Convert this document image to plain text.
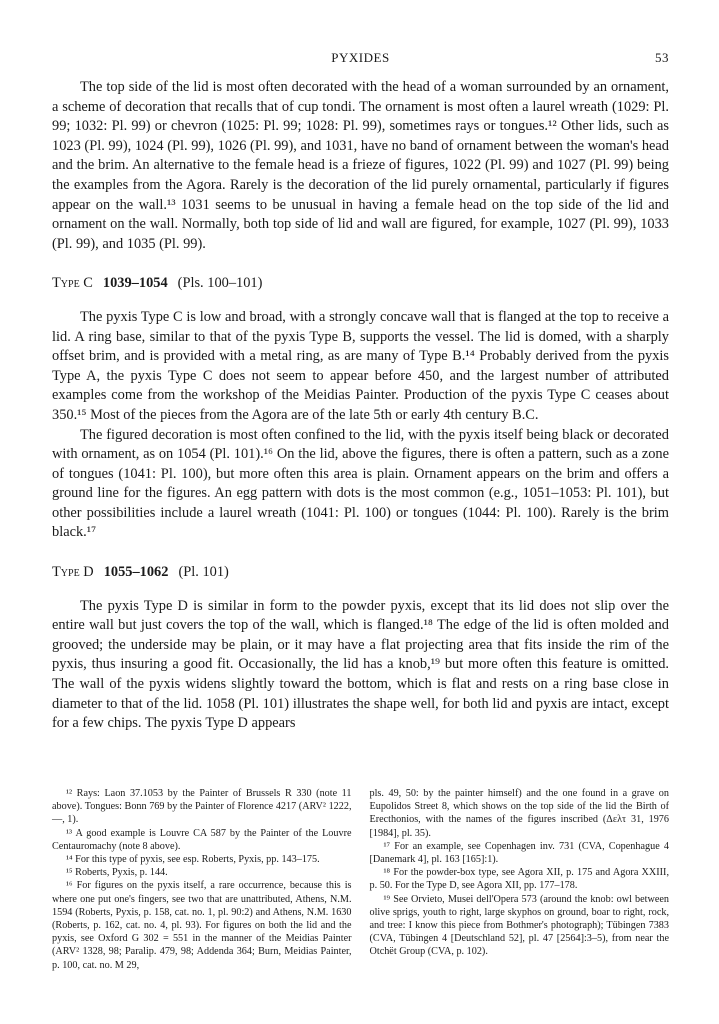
PYXIDES	53

The top side of the lid is most often decorated with the head of a woman surrounded by an ornament, a scheme of decoration that recalls that of cup tondi. The ornament is most often a laurel wreath (1029: Pl. 99; 1032: Pl. 99) or chevron (1025: Pl. 99; 1028: Pl. 99), sometimes rays or tongues.¹² Other lids, such as 1023 (Pl. 99), 1024 (Pl. 99), 1026 (Pl. 99), and 1031, have no band of ornament between the woman's head and the brim. An alternative to the female head is a frieze of figures, 1022 (Pl. 99) and 1027 (Pl. 99) being the examples from the Agora. Rarely is the decoration of the lid purely ornamental, particularly if figures appear on the wall.¹³ 1031 seems to be unusual in having a female head on the top side of the lid and ornament on the wall. Normally, both top side of lid and wall are figured, for example, 1027 (Pl. 99), 1033 (Pl. 99), and 1035 (Pl. 99).

Type C 1039–1054 (Pls. 100–101)

The pyxis Type C is low and broad, with a strongly concave wall that is flanged at the top to receive a lid. A ring base, similar to that of the pyxis Type B, supports the vessel. The lid is domed, with a sharply offset brim, and is provided with a metal ring, as are many of Type B.¹⁴ Probably derived from the pyxis Type A, the pyxis Type C does not seem to appear before 450, and the largest number of attributed examples come from the workshop of the Meidias Painter. Production of the pyxis Type C ceases about 350.¹⁵ Most of the pieces from the Agora are of the late 5th or early 4th century B.C.

The figured decoration is most often confined to the lid, with the pyxis itself being black or decorated with ornament, as on 1054 (Pl. 101).¹⁶ On the lid, above the figures, there is often a pattern, such as a zone of tongues (1041: Pl. 100), but more often this area is plain. Ornament appears on the brim and offers a ground line for the figures. An egg pattern with dots is the most common (e.g., 1051–1053: Pl. 101), but other possibilities include a laurel wreath (1041: Pl. 100) or tongues (1044: Pl. 100). Rarely is the brim black.¹⁷

Type D 1055–1062 (Pl. 101)

The pyxis Type D is similar in form to the powder pyxis, except that its lid does not slip over the entire wall but just covers the top of the wall, which is flanged.¹⁸ The edge of the lid is often molded and grooved; the underside may be plain, or it may have a flat projecting area that fits inside the rim of the pyxis, thus insuring a good fit. Occasionally, the lid has a knob,¹⁹ but more often this feature is omitted. The wall of the pyxis widens slightly toward the bottom, which is flat and rests on a ring base close in diameter to that of the lid. 1058 (Pl. 101) illustrates the shape well, for both lid and pyxis are intact, except for a few chips. The pyxis Type D appears

¹² Rays: Laon 37.1053 by the Painter of Brussels R 330 (note 11 above). Tongues: Bonn 769 by the Painter of Florence 4217 (ARV² 1222, —, 1).

¹³ A good example is Louvre CA 587 by the Painter of the Louvre Centauromachy (note 8 above).

¹⁴ For this type of pyxis, see esp. Roberts, Pyxis, pp. 143–175.

¹⁵ Roberts, Pyxis, p. 144.

¹⁶ For figures on the pyxis itself, a rare occurrence, because this is where one put one's fingers, see two that are unattributed, Athens, N.M. 1594 (Roberts, Pyxis, p. 158, cat. no. 1, pl. 90:2) and Athens, N.M. 1630 (Roberts, p. 162, cat. no. 4, pl. 93). For figures on both the lid and the pyxis, see Oxford G 302 = 551 in the manner of the Meidias Painter (ARV² 1328, 98; Paralip. 479, 98; Addenda 364; Burn, Meidias Painter, p. 100, cat. no. M 29,

pls. 49, 50: by the painter himself) and the one found in a grave on Eupolidos Street 8, which shows on the top side of the lid the Birth of Erecthonios, with the names of the figures inscribed (Δελτ 31, 1976 [1984], pl. 35).

¹⁷ For an example, see Copenhagen inv. 731 (CVA, Copenhague 4 [Danemark 4], pl. 163 [165]:1).

¹⁸ For the powder-box type, see Agora XII, p. 175 and Agora XXIII, p. 50. For the Type D, see Agora XII, pp. 177–178.

¹⁹ See Orvieto, Musei dell'Opera 573 (around the knob: owl between olive sprigs, youth to right, large skyphos on ground, boar to right, rock, and tree: I know this piece from Bothmer's photograph); Tübingen 7383 (CVA, Tübingen 4 [Deutschland 52], pl. 47 [2564]:3–5), from near the Otchët Group (CVA, p. 102).
